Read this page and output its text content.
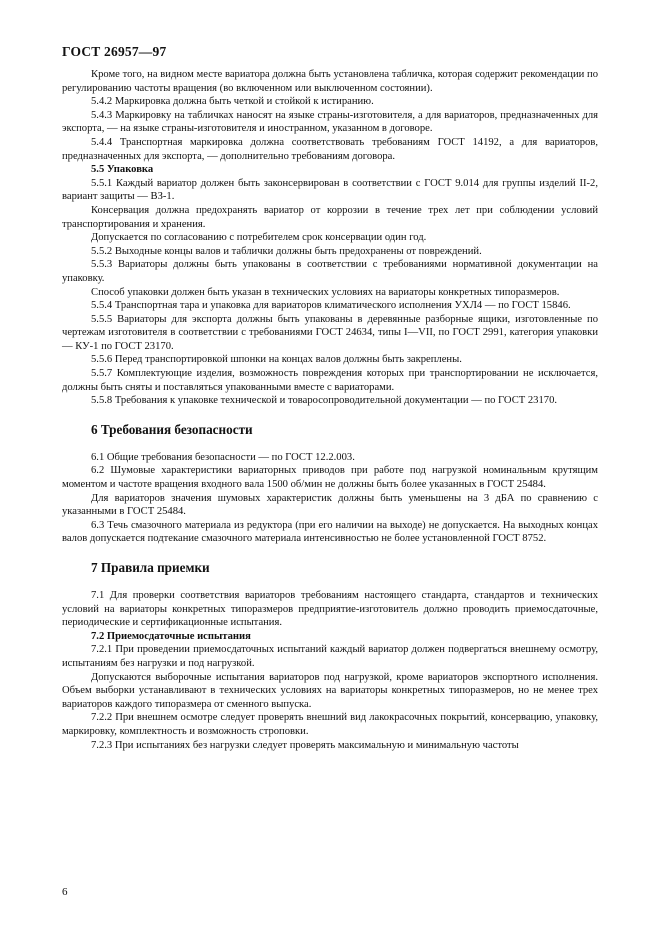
ГОСТ 26957—97

Кроме того, на видном месте вариатора должна быть установлена табличка, которая содержит рекомендации по регулированию частоты вращения (во включенном или выключенном состоянии).

5.4.2 Маркировка должна быть четкой и стойкой к истиранию.

5.4.3 Маркировку на табличках наносят на языке страны-изготовителя, а для вариаторов, предназначенных для экспорта, — на языке страны-изготовителя и иностранном, указанном в договоре.

5.4.4 Транспортная маркировка должна соответствовать требованиям ГОСТ 14192, а для вариаторов, предназначенных для экспорта, — дополнительно требованиям договора.

5.5 Упаковка

5.5.1 Каждый вариатор должен быть законсервирован в соответствии с ГОСТ 9.014 для группы изделий II-2, вариант защиты — ВЗ-1.

Консервация должна предохранять вариатор от коррозии в течение трех лет при соблюдении условий транспортирования и хранения.

Допускается по согласованию с потребителем срок консервации один год.

5.5.2 Выходные концы валов и таблички должны быть предохранены от повреждений.

5.5.3 Вариаторы должны быть упакованы в соответствии с требованиями нормативной документации на упаковку.

Способ упаковки должен быть указан в технических условиях на вариаторы конкретных типоразмеров.

5.5.4 Транспортная тара и упаковка для вариаторов климатического исполнения УХЛ4 — по ГОСТ 15846.

5.5.5 Вариаторы для экспорта должны быть упакованы в деревянные разборные ящики, изготовленные по чертежам изготовителя в соответствии с требованиями ГОСТ 24634, типы I—VII, по ГОСТ 2991, категория упаковки — КУ-1 по ГОСТ 23170.

5.5.6 Перед транспортировкой шпонки на концах валов должны быть закреплены.

5.5.7 Комплектующие изделия, возможность повреждения которых при транспортировании не исключается, должны быть сняты и поставляться упакованными вместе с вариаторами.

5.5.8 Требования к упаковке технической и товаросопроводительной документации — по ГОСТ 23170.

6 Требования безопасности

6.1 Общие требования безопасности — по ГОСТ 12.2.003.

6.2 Шумовые характеристики вариаторных приводов при работе под нагрузкой номинальным крутящим моментом и частоте вращения входного вала 1500 об/мин не должны быть более указанных в ГОСТ 25484.

Для вариаторов значения шумовых характеристик должны быть уменьшены на 3 дБА по сравнению с указанными в ГОСТ 25484.

6.3 Течь смазочного материала из редуктора (при его наличии на выходе) не допускается. На выходных концах валов допускается подтекание смазочного материала интенсивностью не более установленной ГОСТ 8752.

7 Правила приемки

7.1 Для проверки соответствия вариаторов требованиям настоящего стандарта, стандартов и технических условий на вариаторы конкретных типоразмеров предприятие-изготовитель должно проводить приемосдаточные, периодические и сертификационные испытания.

7.2 Приемосдаточные испытания

7.2.1 При проведении приемосдаточных испытаний каждый вариатор должен подвергаться внешнему осмотру, испытаниям без нагрузки и под нагрузкой.

Допускаются выборочные испытания вариаторов под нагрузкой, кроме вариаторов экспортного исполнения. Объем выборки устанавливают в технических условиях на вариаторы конкретных типоразмеров, но не менее трех вариаторов каждого типоразмера от сменного выпуска.

7.2.2 При внешнем осмотре следует проверять внешний вид лакокрасочных покрытий, консервацию, упаковку, маркировку, комплектность и возможность строповки.

7.2.3 При испытаниях без нагрузки следует проверять максимальную и минимальную частоты

6
